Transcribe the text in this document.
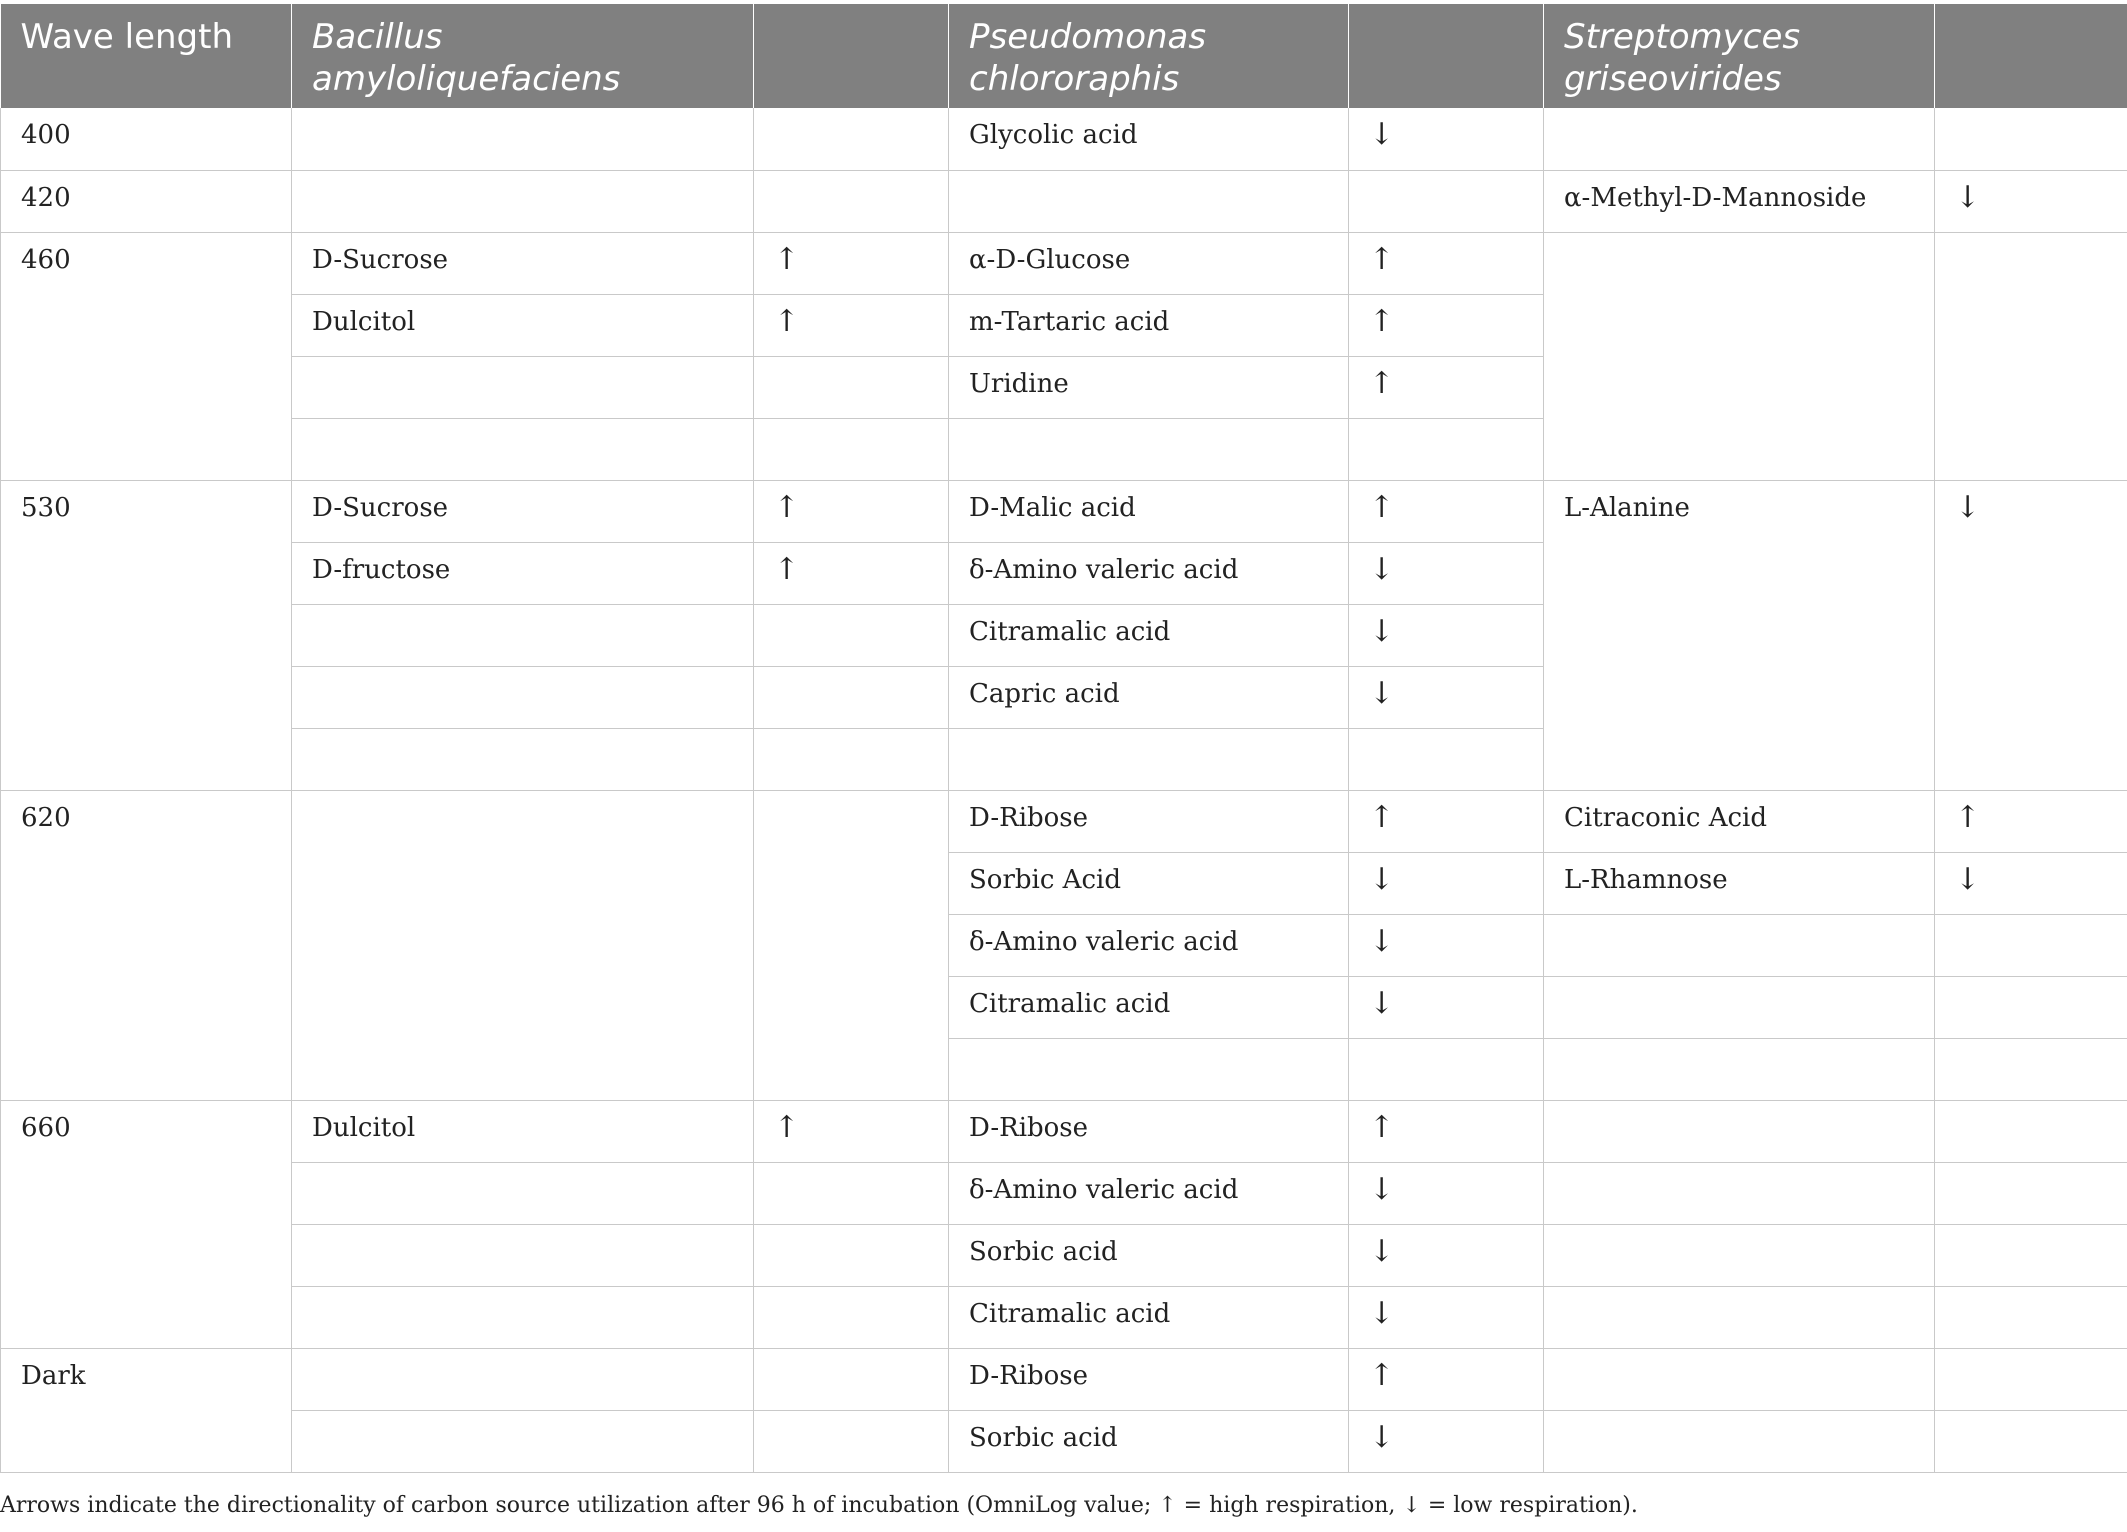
Wave length	Bacillus amyloliquefaciens		Pseudomonas chlororaphis		Streptomyces griseovirides	
400			Glycolic acid	↓		
420					α-Methyl-D-Mannoside	↓
460	D-Sucrose	↑	α-D-Glucose	↑		
	Dulcitol	↑	m-Tartaric acid	↑		
			Uridine	↑		

530	D-Sucrose	↑	D-Malic acid	↑	L-Alanine	↓
	D-fructose	↑	δ-Amino valeric acid	↓		
			Citramalic acid	↓		
			Capric acid	↓		

620			D-Ribose	↑	Citraconic Acid	↑
			Sorbic Acid	↓	L-Rhamnose	↓
			δ-Amino valeric acid	↓		
			Citramalic acid	↓		

660	Dulcitol	↑	D-Ribose	↑		
			δ-Amino valeric acid	↓		
			Sorbic acid	↓		
			Citramalic acid	↓		
Dark			D-Ribose	↑		
			Sorbic acid	↓		
Arrows indicate the directionality of carbon source utilization after 96 h of incubation (OmniLog value; ↑ = high respiration, ↓ = low respiration).
